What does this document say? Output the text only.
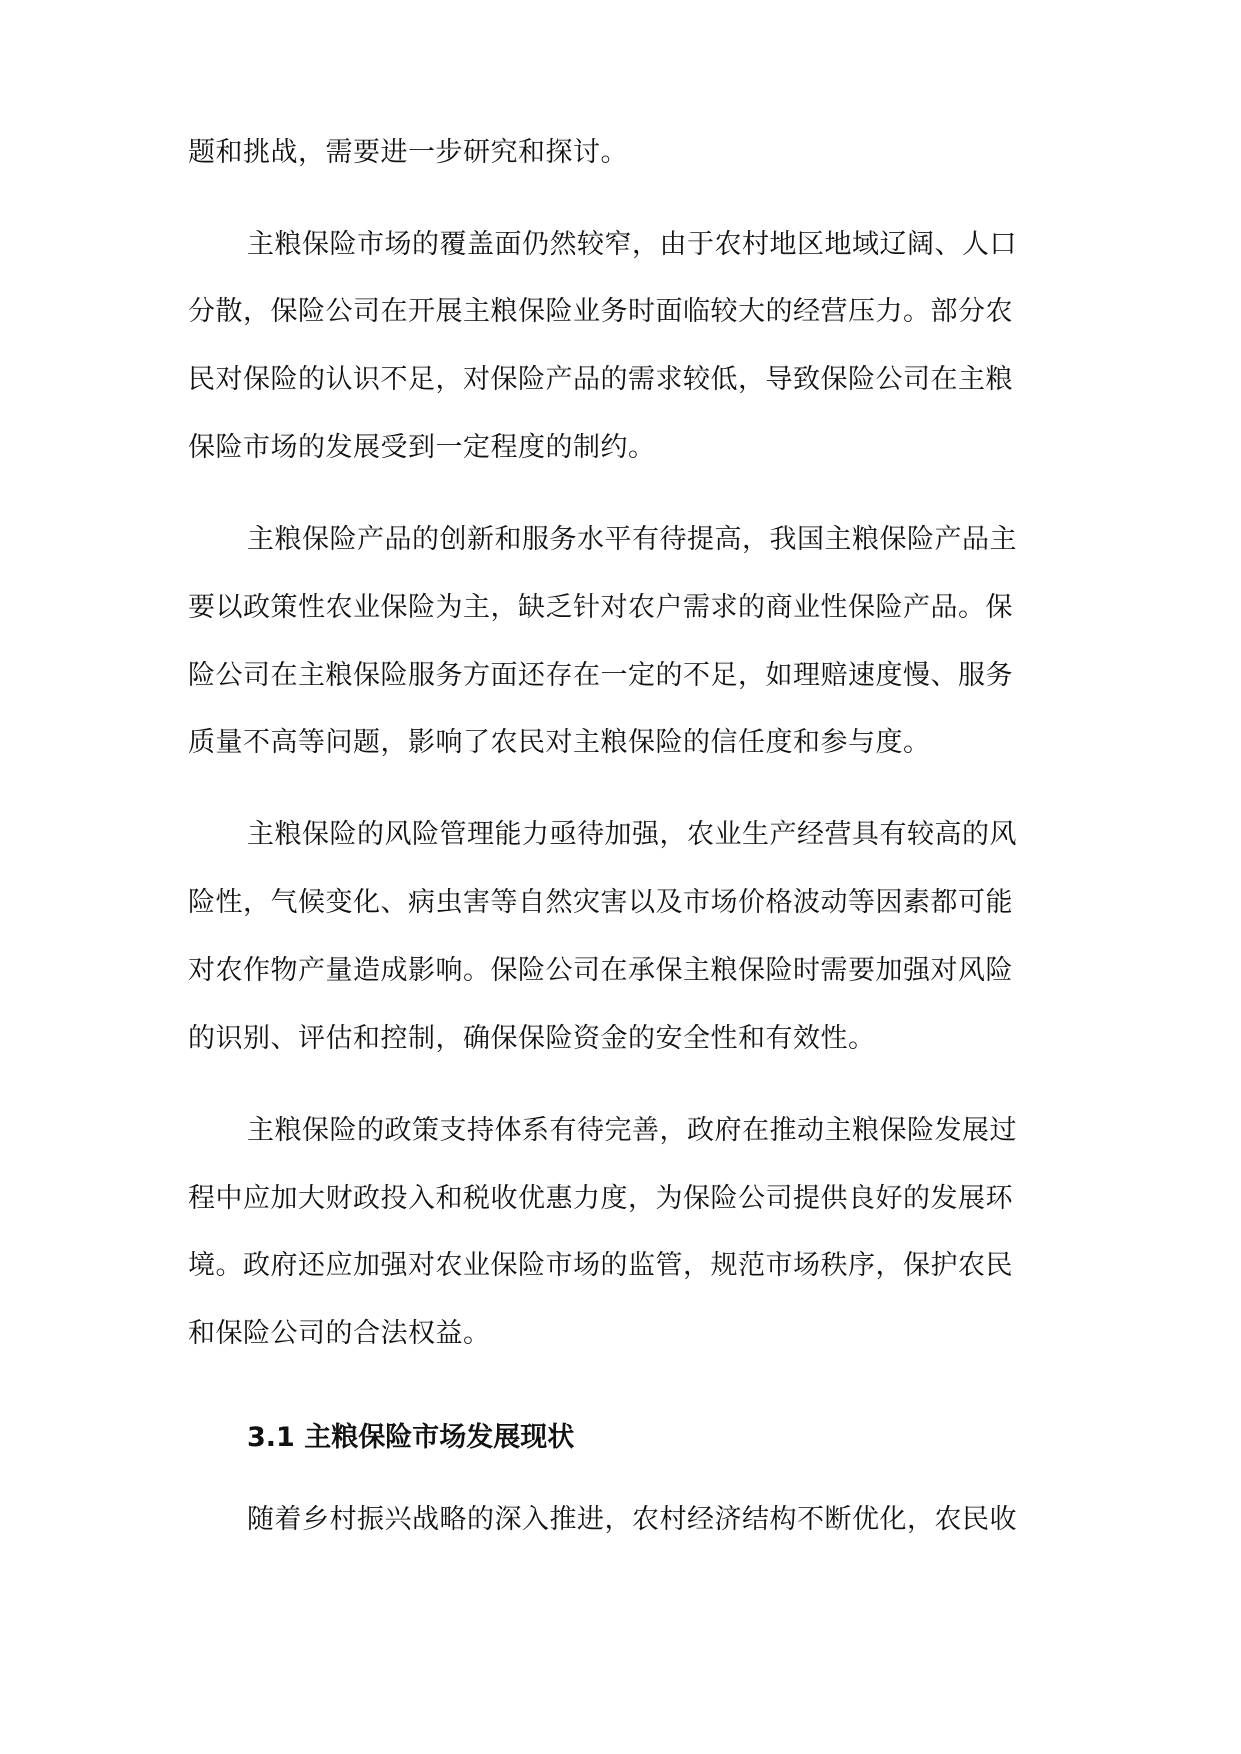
题和挑战，需要进一步研究和探讨。
主粮保险市场的覆盖面仍然较窄，由于农村地区地域辽阔、人口
分散，保险公司在开展主粮保险业务时面临较大的经营压力。部分农
民对保险的认识不足，对保险产品的需求较低，导致保险公司在主粮
保险市场的发展受到一定程度的制约。
主粮保险产品的创新和服务水平有待提高，我国主粮保险产品主
要以政策性农业保险为主，缺乏针对农户需求的商业性保险产品。保
险公司在主粮保险服务方面还存在一定的不足，如理赔速度慢、服务
质量不高等问题，影响了农民对主粮保险的信任度和参与度。
主粮保险的风险管理能力亟待加强，农业生产经营具有较高的风
险性，气候变化、病虫害等自然灾害以及市场价格波动等因素都可能
对农作物产量造成影响。保险公司在承保主粮保险时需要加强对风险
的识别、评估和控制，确保保险资金的安全性和有效性。
主粮保险的政策支持体系有待完善，政府在推动主粮保险发展过
程中应加大财政投入和税收优惠力度，为保险公司提供良好的发展环
境。政府还应加强对农业保险市场的监管，规范市场秩序，保护农民
和保险公司的合法权益。
3.1 主粮保险市场发展现状
随着乡村振兴战略的深入推进，农村经济结构不断优化，农民收
